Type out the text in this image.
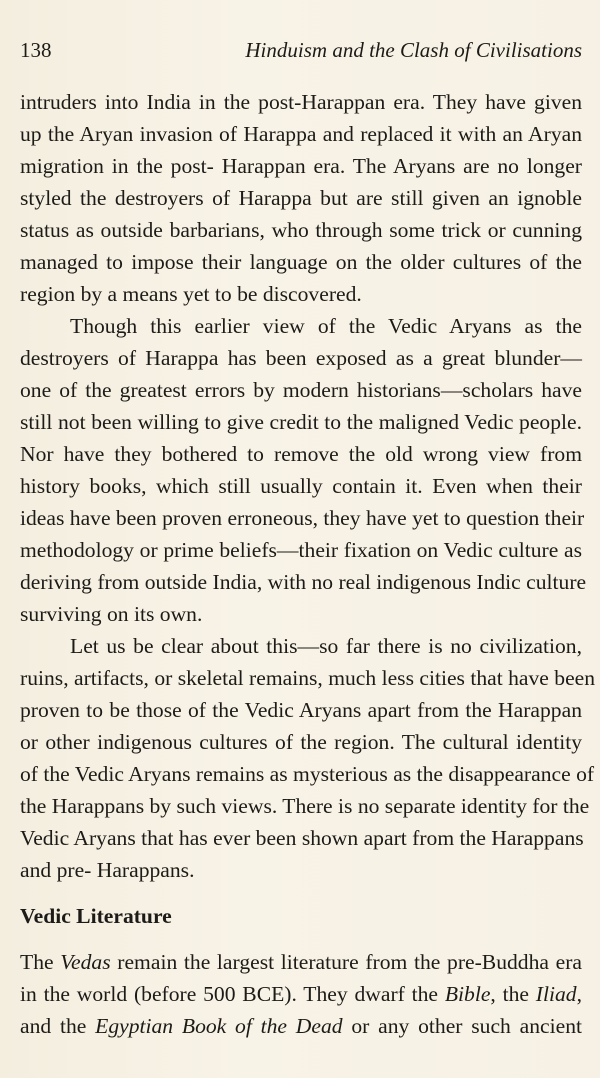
138	Hinduism and the Clash of Civilisations
intruders into India in the post-Harappan era. They have given
up the Aryan invasion of Harappa and replaced it with an Aryan
migration in the post- Harappan era. The Aryans are no longer
styled the destroyers of Harappa but are still given an ignoble
status as outside barbarians, who through some trick or cunning
managed to impose their language on the older cultures of the
region by a means yet to be discovered.
Though this earlier view of the Vedic Aryans as the
destroyers of Harappa has been exposed as a great blunder—
one of the greatest errors by modern historians—scholars have
still not been willing to give credit to the maligned Vedic people.
Nor have they bothered to remove the old wrong view from
history books, which still usually contain it. Even when their
ideas have been proven erroneous, they have yet to question their
methodology or prime beliefs—their fixation on Vedic culture as
deriving from outside India, with no real indigenous Indic culture
surviving on its own.
Let us be clear about this—so far there is no civilization,
ruins, artifacts, or skeletal remains, much less cities that have been
proven to be those of the Vedic Aryans apart from the Harappan
or other indigenous cultures of the region. The cultural identity
of the Vedic Aryans remains as mysterious as the disappearance of
the Harappans by such views. There is no separate identity for the
Vedic Aryans that has ever been shown apart from the Harappans
and pre- Harappans.
Vedic Literature
The Vedas remain the largest literature from the pre-Buddha era
in the world (before 500 BCE). They dwarf the Bible, the Iliad,
and the Egyptian Book of the Dead or any other such ancient
